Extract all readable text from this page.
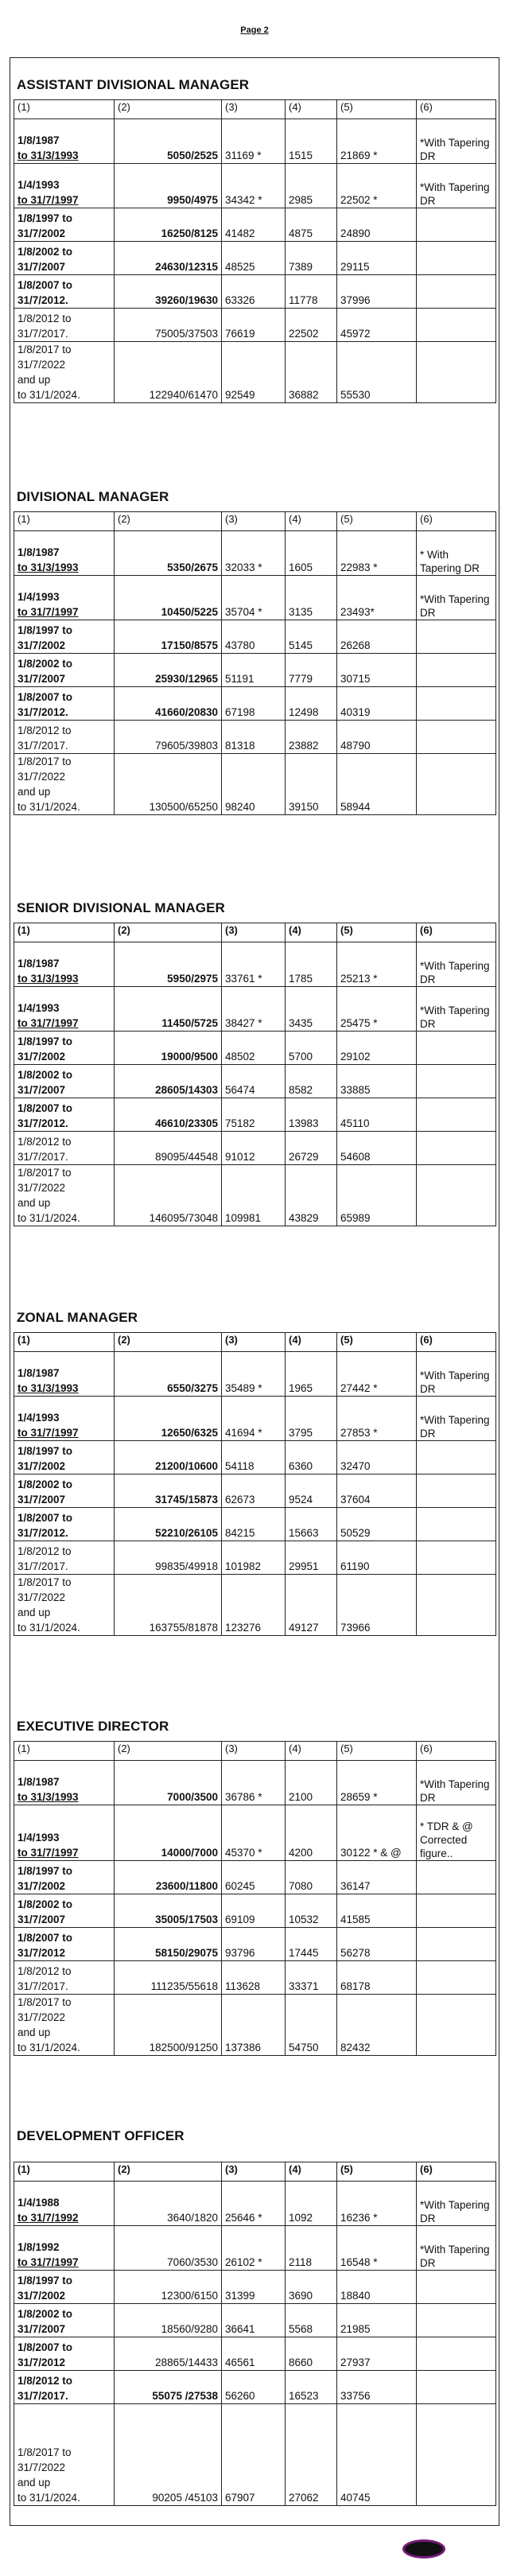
Page 2
ASSISTANT DIVISIONAL MANAGER
(1)	(2)	(3)	(4)	(5)	(6)

1/8/1987
to 31/3/1993	5050/2525	31169 *	1515	21869 *	*With Tapering DR

1/4/1993
to 31/7/1997	9950/4975	34342 *	2985	22502 *	*With Tapering DR

1/8/1997 to
31/7/2002	16250/8125	41482	4875	24890	

1/8/2002 to
31/7/2007	24630/12315	48525	7389	29115	

1/8/2007 to
31/7/2012.	39260/19630	63326	11778	37996	

1/8/2012 to
31/7/2017.	75005/37503	76619	22502	45972	

1/8/2017 to
31/7/2022
and up
to 31/1/2024.	122940/61470	92549	36882	55530	
DIVISIONAL MANAGER
(1)	(2)	(3)	(4)	(5)	(6)

1/8/1987
to 31/3/1993	5350/2675	32033 *	1605	22983 *	* With Tapering DR

1/4/1993
to 31/7/1997	10450/5225	35704 *	3135	23493*	*With Tapering DR

1/8/1997 to
31/7/2002	17150/8575	43780	5145	26268	

1/8/2002 to
31/7/2007	25930/12965	51191	7779	30715	

1/8/2007 to
31/7/2012.	41660/20830	67198	12498	40319	

1/8/2012 to
31/7/2017.	79605/39803	81318	23882	48790	

1/8/2017 to
31/7/2022
and up
to 31/1/2024.	130500/65250	98240	39150	58944	
SENIOR DIVISIONAL MANAGER
(1)	(2)	(3)	(4)	(5)	(6)

1/8/1987
to 31/3/1993	5950/2975	33761 *	1785	25213 *	*With Tapering DR

1/4/1993
to 31/7/1997	11450/5725	38427 *	3435	25475 *	*With Tapering DR

1/8/1997 to
31/7/2002	19000/9500	48502	5700	29102	

1/8/2002 to
31/7/2007	28605/14303	56474	8582	33885	

1/8/2007 to
31/7/2012.	46610/23305	75182	13983	45110	

1/8/2012 to
31/7/2017.	89095/44548	91012	26729	54608	

1/8/2017 to
31/7/2022
and up
to 31/1/2024.	146095/73048	109981	43829	65989	
ZONAL MANAGER
(1)	(2)	(3)	(4)	(5)	(6)

1/8/1987
to 31/3/1993	6550/3275	35489 *	1965	27442 *	*With Tapering DR

1/4/1993
to 31/7/1997	12650/6325	41694 *	3795	27853 *	*With Tapering DR

1/8/1997 to
31/7/2002	21200/10600	54118	6360	32470	

1/8/2002 to
31/7/2007	31745/15873	62673	9524	37604	

1/8/2007 to
31/7/2012.	52210/26105	84215	15663	50529	

1/8/2012 to
31/7/2017.	99835/49918	101982	29951	61190	

1/8/2017 to
31/7/2022
and up
to 31/1/2024.	163755/81878	123276	49127	73966	
EXECUTIVE DIRECTOR
(1)	(2)	(3)	(4)	(5)	(6)

1/8/1987
to 31/3/1993	7000/3500	36786 *	2100	28659 *	*With Tapering DR

1/4/1993
to 31/7/1997	14000/7000	45370 *	4200	30122 * & @	* TDR & @ Corrected figure..

1/8/1997 to
31/7/2002	23600/11800	60245	7080	36147	

1/8/2002 to
31/7/2007	35005/17503	69109	10532	41585	

1/8/2007 to
31/7/2012	58150/29075	93796	17445	56278	

1/8/2012 to
31/7/2017.	111235/55618	113628	33371	68178	

1/8/2017 to
31/7/2022
and up
to 31/1/2024.	182500/91250	137386	54750	82432	
DEVELOPMENT OFFICER
(1)	(2)	(3)	(4)	(5)	(6)

1/4/1988
to 31/7/1992	3640/1820	25646 *	1092	16236 *	*With Tapering DR

1/8/1992
to 31/7/1997	7060/3530	26102 *	2118	16548 *	*With Tapering DR

1/8/1997 to
31/7/2002	12300/6150	31399	3690	18840	

1/8/2002 to
31/7/2007	18560/9280	36641	5568	21985	

1/8/2007 to
31/7/2012	28865/14433	46561	8660	27937	

1/8/2012 to
31/7/2017.	55075 /27538	56260	16523	33756	

1/8/2017 to
31/7/2022
and up
to 31/1/2024.	90205 /45103	67907	27062	40745	
